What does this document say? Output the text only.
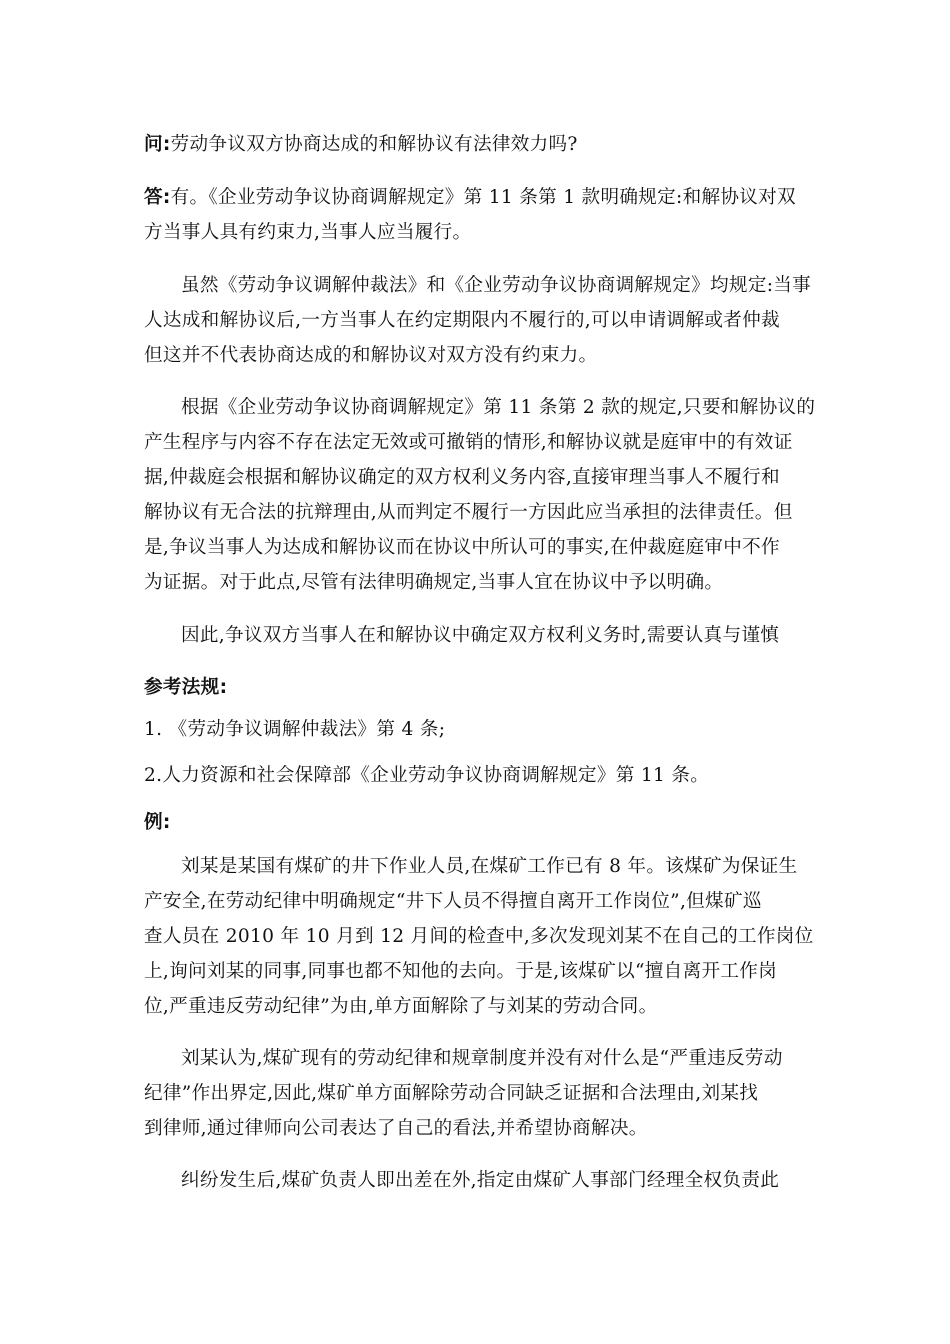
问:劳动争议双方协商达成的和解协议有法律效力吗?
答:有。《企业劳动争议协商调解规定》第 11 条第 1 款明确规定:和解协议对双
方当事人具有约束力,当事人应当履行。
虽然《劳动争议调解仲裁法》和《企业劳动争议协商调解规定》均规定:当事
人达成和解协议后,一方当事人在约定期限内不履行的,可以申请调解或者仲裁
但这并不代表协商达成的和解协议对双方没有约束力。
根据《企业劳动争议协商调解规定》第 11 条第 2 款的规定,只要和解协议的
产生程序与内容不存在法定无效或可撤销的情形,和解协议就是庭审中的有效证
据,仲裁庭会根据和解协议确定的双方权利义务内容,直接审理当事人不履行和
解协议有无合法的抗辩理由,从而判定不履行一方因此应当承担的法律责任。但
是,争议当事人为达成和解协议而在协议中所认可的事实,在仲裁庭庭审中不作
为证据。对于此点,尽管有法律明确规定,当事人宜在协议中予以明确。
因此,争议双方当事人在和解协议中确定双方权利义务时,需要认真与谨慎
参考法规:
1. 《劳动争议调解仲裁法》第 4 条;
2.人力资源和社会保障部《企业劳动争议协商调解规定》第 11 条。
例:
刘某是某国有煤矿的井下作业人员,在煤矿工作已有 8 年。该煤矿为保证生
产安全,在劳动纪律中明确规定“井下人员不得擅自离开工作岗位”,但煤矿巡
查人员在 2010 年 10 月到 12 月间的检查中,多次发现刘某不在自己的工作岗位
上,询问刘某的同事,同事也都不知他的去向。于是,该煤矿以“擅自离开工作岗
位,严重违反劳动纪律”为由,单方面解除了与刘某的劳动合同。
刘某认为,煤矿现有的劳动纪律和规章制度并没有对什么是“严重违反劳动
纪律”作出界定,因此,煤矿单方面解除劳动合同缺乏证据和合法理由,刘某找
到律师,通过律师向公司表达了自己的看法,并希望协商解决。
纠纷发生后,煤矿负责人即出差在外,指定由煤矿人事部门经理全权负责此
